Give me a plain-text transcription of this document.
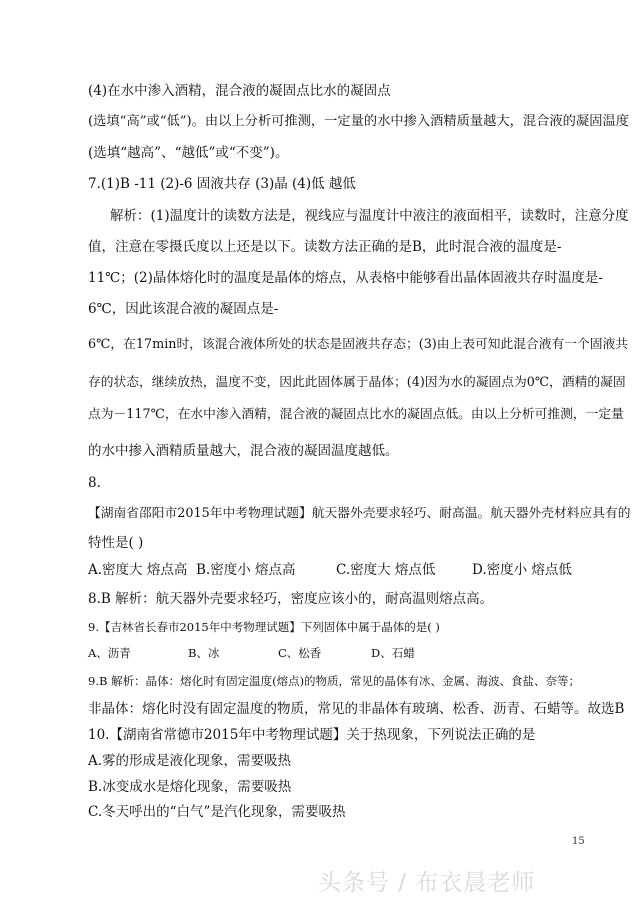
(4)在水中渗入酒精，混合液的凝固点比水的凝固点
(选填“高”或“低”)。由以上分析可推测，一定量的水中掺入酒精质量越大，混合液的凝固温度
(选填“越高”、“越低”或“不变”)。
7.(1)B -11 (2)-6 固液共存 (3)晶 (4)低 越低
解析：(1)温度计的读数方法是，视线应与温度计中液注的液面相平，读数时，注意分度
值，注意在零摄氏度以上还是以下。读数方法正确的是B，此时混合液的温度是-
11℃；(2)晶体熔化时的温度是晶体的熔点，从表格中能够看出晶体固液共存时温度是-
6℃，因此该混合液的凝固点是-
6℃，在17min时，该混合液体所处的状态是固液共存态；(3)由上表可知此混合液有一个固液共
存的状态，继续放热，温度不变，因此此固体属于晶体；(4)因为水的凝固点为0℃，酒精的凝固
点为－117℃，在水中渗入酒精，混合液的凝固点比水的凝固点低。由以上分析可推测，一定量
的水中掺入酒精质量越大，混合液的凝固温度越低。
8.
【湖南省邵阳市2015年中考物理试题】航天器外壳要求轻巧、耐高温。航天器外壳材料应具有的
特性是( )
A.密度大 熔点高 B.密度小 熔点高	C.密度大 熔点低	D.密度小 熔点低
8.B 解析：航天器外壳要求轻巧，密度应该小的，耐高温则熔点高。
9.【吉林省长春市2015年中考物理试题】下列固体中属于晶体的是( )
A、沥青	B、冰	C、松香	D、石蜡
9.B 解析：晶体：熔化时有固定温度(熔点)的物质，常见的晶体有冰、金属、海波、食盐、奈等；
非晶体：熔化时没有固定温度的物质，常见的非晶体有玻璃、松香、沥青、石蜡等。故选B
10.【湖南省常德市2015年中考物理试题】关于热现象，下列说法正确的是
A.雾的形成是液化现象，需要吸热
B.冰变成水是熔化现象，需要吸热
C.冬天呼出的“白气”是汽化现象，需要吸热
15
头条号 / 布衣晨老师
